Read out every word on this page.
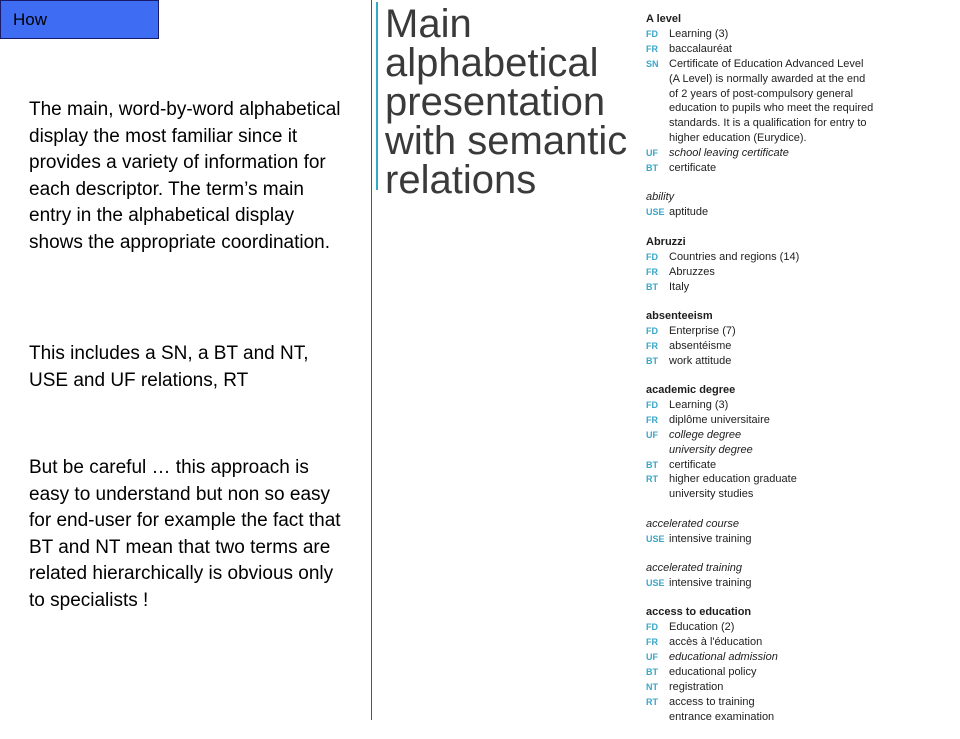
How

The main, word-by-word alphabetical display the most familiar since it provides a variety of information for each descriptor. The term’s main entry in the alphabetical display shows the appropriate coordination.

This includes a SN, a BT and NT, USE and UF relations, RT

But be careful … this approach is easy to understand but non so easy for end-user for example the fact that BT and NT mean that two terms are related hierarchically is obvious only to specialists !

Main
alphabetical
presentation
with semantic
relations
A level
FD	Learning (3)
FR	baccalauréat
SN Certificate of Education Advanced Level
(A Level) is normally awarded at the end
of 2 years of post-compulsory general
education to pupils who meet the required
standards. It is a qualification for entry to
higher education (Eurydice).
UF	school leaving certificate
BT	certificate
ability
USE aptitude
Abruzzi
FD	Countries and regions (14)
FR	Abruzzes
BT	Italy
absenteeism
FD	Enterprise (7)
FR	absentéisme
BT	work attitude
academic degree
FD	Learning (3)
FR	diplôme universitaire
UF	college degree
university degree
BT	certificate
RT	higher education graduate
university studies
accelerated course
USE intensive training
accelerated training
USE intensive training
access to education
FD	Education (2)
FR	accès à l'éducation
UF	educational admission
BT	educational policy
NT	registration
RT	access to training
entrance examination
